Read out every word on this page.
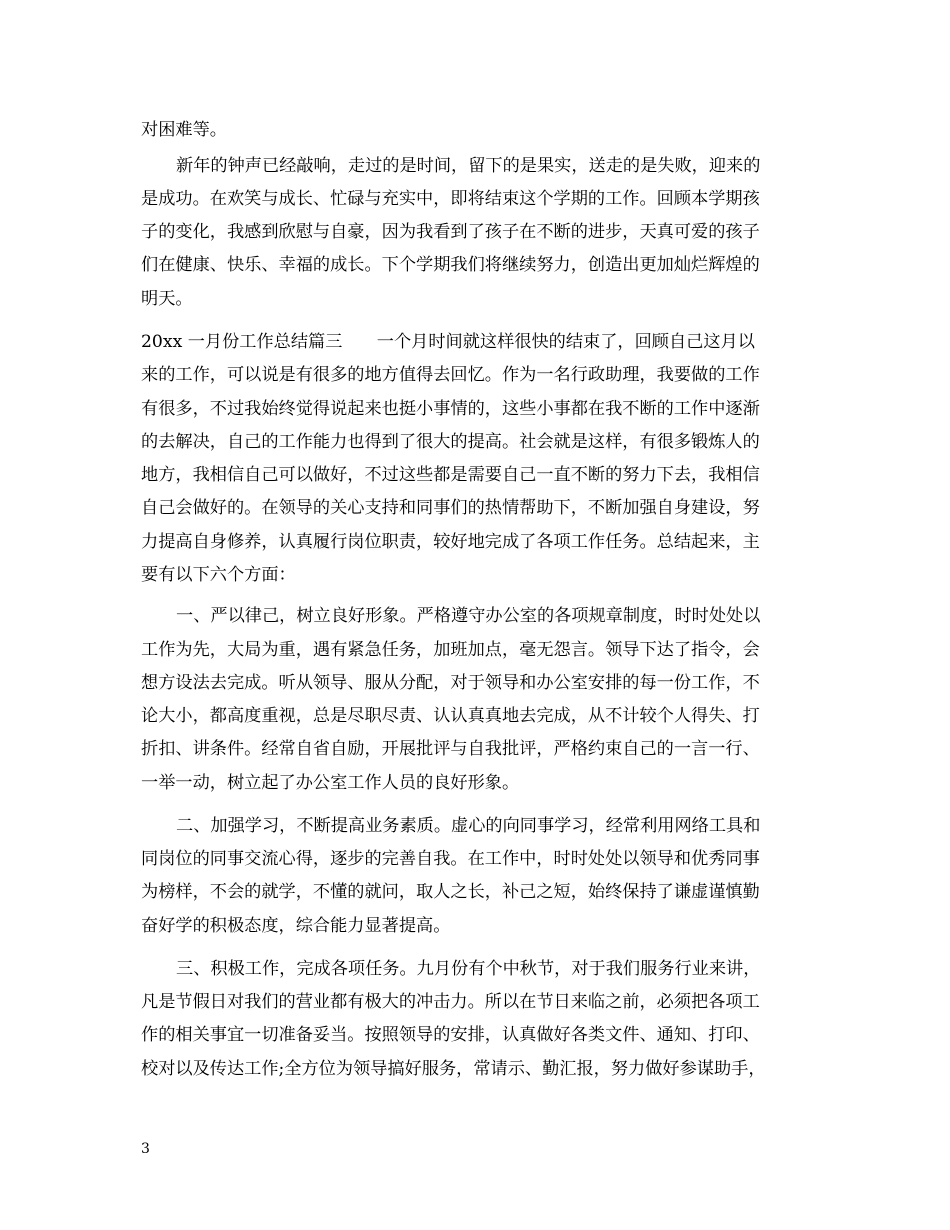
对困难等。
新年的钟声已经敲响，走过的是时间，留下的是果实，送走的是失败，迎来的
是成功。在欢笑与成长、忙碌与充实中，即将结束这个学期的工作。回顾本学期孩
子的变化，我感到欣慰与自豪，因为我看到了孩子在不断的进步，天真可爱的孩子
们在健康、快乐、幸福的成长。下个学期我们将继续努力，创造出更加灿烂辉煌的
明天。
20xx 一月份工作总结篇三　　一个月时间就这样很快的结束了，回顾自己这月以
来的工作，可以说是有很多的地方值得去回忆。作为一名行政助理，我要做的工作
有很多，不过我始终觉得说起来也挺小事情的，这些小事都在我不断的工作中逐渐
的去解决，自己的工作能力也得到了很大的提高。社会就是这样，有很多锻炼人的
地方，我相信自己可以做好，不过这些都是需要自己一直不断的努力下去，我相信
自己会做好的。在领导的关心支持和同事们的热情帮助下，不断加强自身建设，努
力提高自身修养，认真履行岗位职责，较好地完成了各项工作任务。总结起来，主
要有以下六个方面：
一、严以律己，树立良好形象。严格遵守办公室的各项规章制度，时时处处以
工作为先，大局为重，遇有紧急任务，加班加点，毫无怨言。领导下达了指令，会
想方设法去完成。听从领导、服从分配，对于领导和办公室安排的每一份工作，不
论大小，都高度重视，总是尽职尽责、认认真真地去完成，从不计较个人得失、打
折扣、讲条件。经常自省自励，开展批评与自我批评，严格约束自己的一言一行、
一举一动，树立起了办公室工作人员的良好形象。
二、加强学习，不断提高业务素质。虚心的向同事学习，经常利用网络工具和
同岗位的同事交流心得，逐步的完善自我。在工作中，时时处处以领导和优秀同事
为榜样，不会的就学，不懂的就问，取人之长，补己之短，始终保持了谦虚谨慎勤
奋好学的积极态度，综合能力显著提高。
三、积极工作，完成各项任务。九月份有个中秋节，对于我们服务行业来讲，
凡是节假日对我们的营业都有极大的冲击力。所以在节日来临之前，必须把各项工
作的相关事宜一切准备妥当。按照领导的安排，认真做好各类文件、通知、打印、
校对以及传达工作;全方位为领导搞好服务，常请示、勤汇报，努力做好参谋助手，
3
